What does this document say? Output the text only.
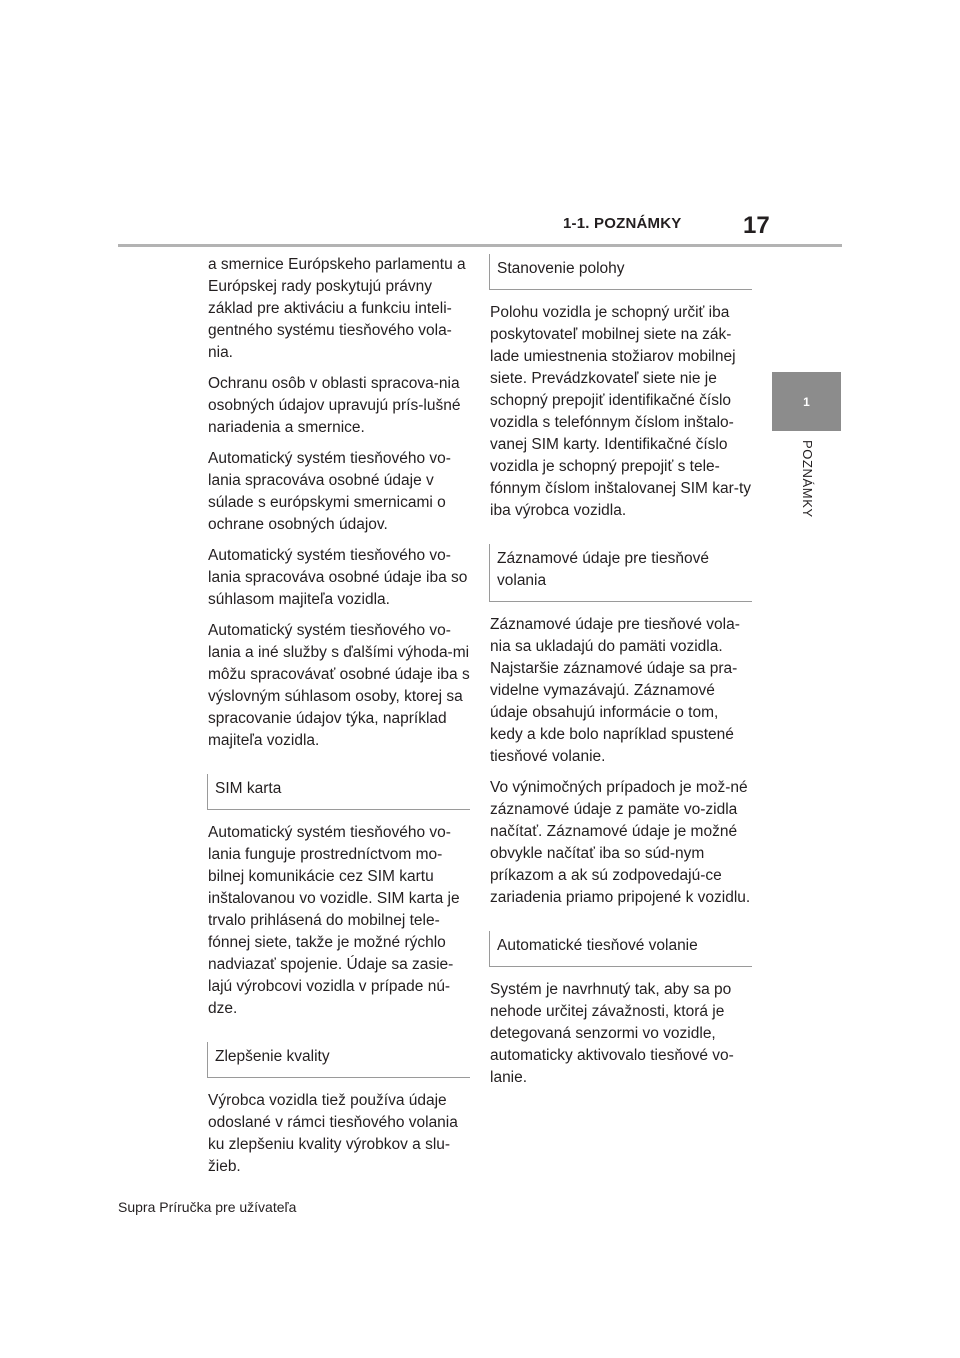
1-1. POZNÁMKY	17
1
POZNÁMKY

a smernice Európskeho parlamentu a Európskej rady poskytujú právny základ pre aktiváciu a funkciu inteli-gentného systému tiesňového vola-nia.

Ochranu osôb v oblasti spracova-nia osobných údajov upravujú prís-lušné nariadenia a smernice.

Automatický systém tiesňového vo-lania spracováva osobné údaje v súlade s európskymi smernicami o ochrane osobných údajov.

Automatický systém tiesňového vo-lania spracováva osobné údaje iba so súhlasom majiteľa vozidla.

Automatický systém tiesňového vo-lania a iné služby s ďalšími výhoda-mi môžu spracovávať osobné údaje iba s výslovným súhlasom osoby, ktorej sa spracovanie údajov týka, napríklad majiteľa vozidla.

SIM karta

Automatický systém tiesňového vo-lania funguje prostredníctvom mo-bilnej komunikácie cez SIM kartu inštalovanou vo vozidle. SIM karta je trvalo prihlásená do mobilnej tele-fónnej siete, takže je možné rýchlo nadviazať spojenie. Údaje sa zasie-lajú výrobcovi vozidla v prípade nú-dze.

Zlepšenie kvality

Výrobca vozidla tiež používa údaje odoslané v rámci tiesňového volania ku zlepšeniu kvality výrobkov a slu-žieb.

Stanovenie polohy

Polohu vozidla je schopný určiť iba poskytovateľ mobilnej siete na zák-lade umiestnenia stožiarov mobilnej siete. Prevádzkovateľ siete nie je schopný prepojiť identifikačné číslo vozidla s telefónnym číslom inštalo-vanej SIM karty. Identifikačné číslo vozidla je schopný prepojiť s tele-fónnym číslom inštalovanej SIM kar-ty iba výrobca vozidla.

Záznamové údaje pre tiesňové volania

Záznamové údaje pre tiesňové vola-nia sa ukladajú do pamäti vozidla. Najstaršie záznamové údaje sa pra-videlne vymazávajú. Záznamové údaje obsahujú informácie o tom, kedy a kde bolo napríklad spustené tiesňové volanie.

Vo výnimočných prípadoch je mož-né záznamové údaje z pamäte vo-zidla načítať. Záznamové údaje je možné obvykle načítať iba so súd-nym príkazom a ak sú zodpovedajú-ce zariadenia priamo pripojené k vozidlu.

Automatické tiesňové volanie

Systém je navrhnutý tak, aby sa po nehode určitej závažnosti, ktorá je detegovaná senzormi vo vozidle, automaticky aktivovalo tiesňové vo-lanie.

Supra Príručka pre užívateľa
